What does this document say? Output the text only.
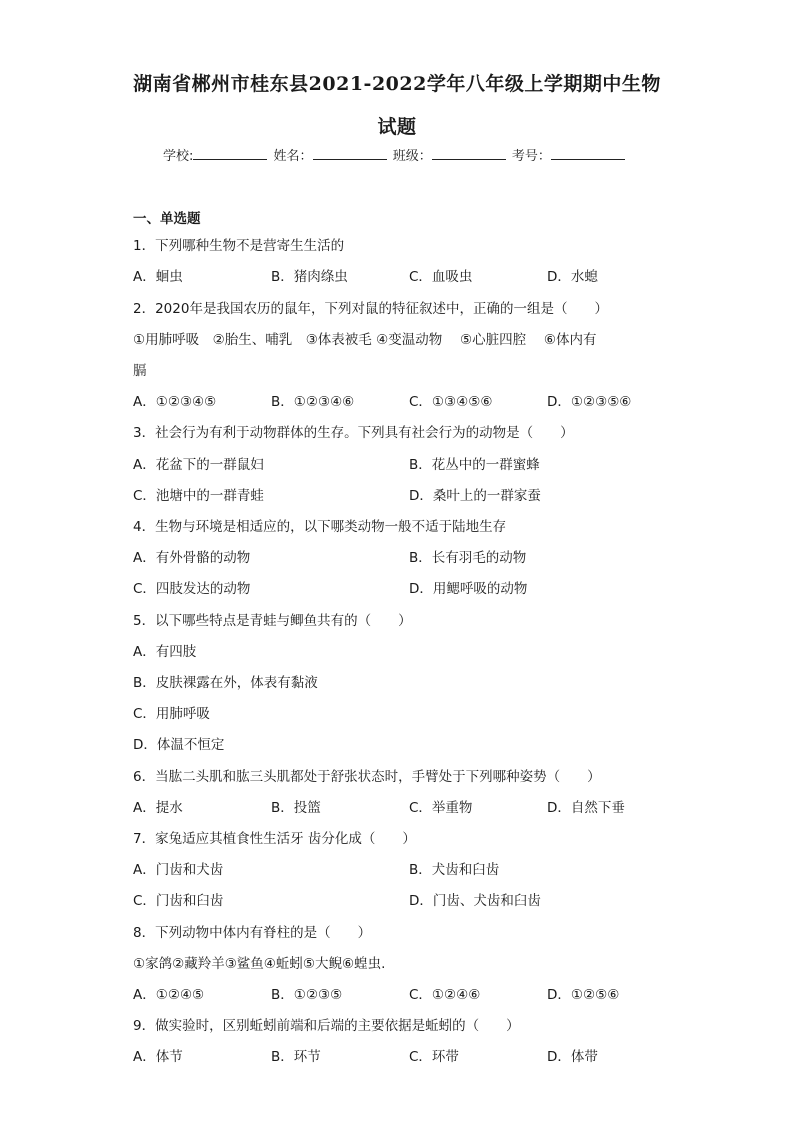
湖南省郴州市桂东县2021-2022学年八年级上学期期中生物
试题
学校:	姓名：	班级：	考号：
一、单选题
1．下列哪种生物不是营寄生生活的
A．蛔虫	B．猪肉绦虫	C．血吸虫	D．水螅
2．2020年是我国农历的鼠年，下列对鼠的特征叙述中，正确的一组是（　　）
①用肺呼吸　②胎生、哺乳　③体表被毛 ④变温动物　 ⑤心脏四腔　 ⑥体内有
膈
A．①②③④⑤	B．①②③④⑥	C．①③④⑤⑥	D．①②③⑤⑥
3．社会行为有利于动物群体的生存。下列具有社会行为的动物是（　　）
A．花盆下的一群鼠妇	B．花丛中的一群蜜蜂
C．池塘中的一群青蛙	D．桑叶上的一群家蚕
4．生物与环境是相适应的，以下哪类动物一般不适于陆地生存
A．有外骨骼的动物	B．长有羽毛的动物
C．四肢发达的动物	D．用鳃呼吸的动物
5．以下哪些特点是青蛙与鲫鱼共有的（　　）
A．有四肢
B．皮肤裸露在外，体表有黏液
C．用肺呼吸
D．体温不恒定
6．当肱二头肌和肱三头肌都处于舒张状态时，手臂处于下列哪种姿势（　　）
A．提水	B．投篮	C．举重物	D．自然下垂
7．家兔适应其植食性生活牙 齿分化成（　　）
A．门齿和犬齿	B．犬齿和臼齿
C．门齿和臼齿	D．门齿、犬齿和臼齿
8．下列动物中体内有脊柱的是（　　）
①家鸽②藏羚羊③鲨鱼④蚯蚓⑤大鲵⑥蝗虫.
A．①②④⑤	B．①②③⑤	C．①②④⑥	D．①②⑤⑥
9．做实验时，区别蚯蚓前端和后端的主要依据是蚯蚓的（　　）
A．体节	B．环节	C．环带	D．体带
